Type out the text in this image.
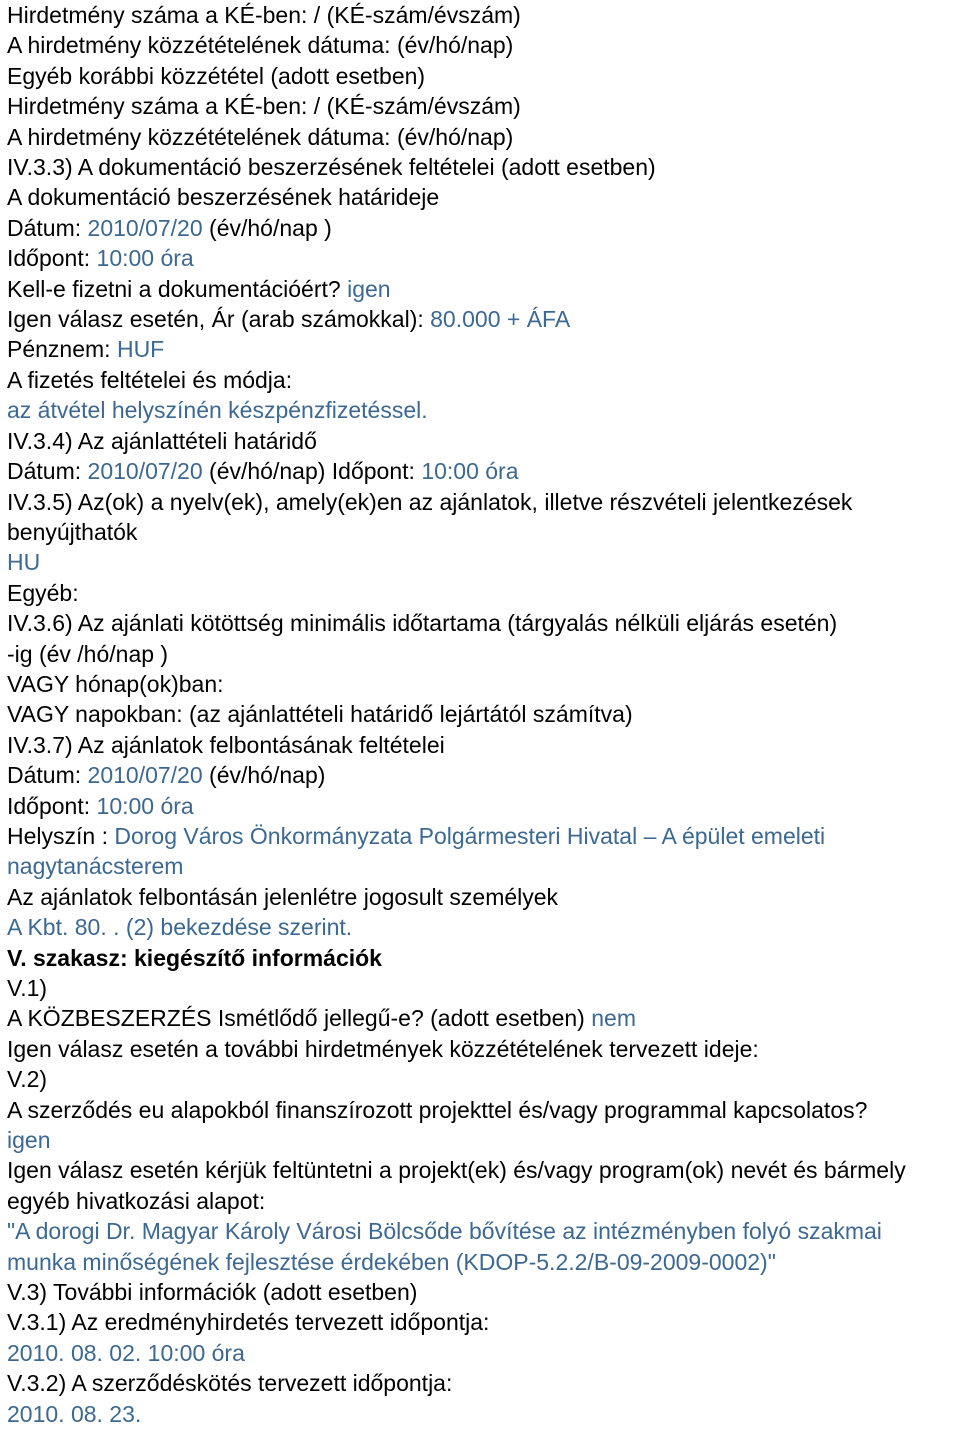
Hirdetmény száma a KÉ-ben: / (KÉ-szám/évszám)

A hirdetmény közzétételének dátuma: (év/hó/nap)

Egyéb korábbi közzététel (adott esetben)

Hirdetmény száma a KÉ-ben: / (KÉ-szám/évszám)

A hirdetmény közzétételének dátuma: (év/hó/nap)

IV.3.3) A dokumentáció beszerzésének feltételei (adott esetben)

A dokumentáció beszerzésének határideje

Dátum: 2010/07/20 (év/hó/nap )

Időpont: 10:00 óra

Kell-e fizetni a dokumentációért? igen

Igen válasz esetén, Ár (arab számokkal): 80.000 + ÁFA

Pénznem: HUF

A fizetés feltételei és módja:

az átvétel helyszínén készpénzfizetéssel.

IV.3.4) Az ajánlattételi határidő

Dátum: 2010/07/20 (év/hó/nap) Időpont: 10:00 óra

IV.3.5) Az(ok) a nyelv(ek), amely(ek)en az ajánlatok, illetve részvételi jelentkezések benyújthatók

HU

Egyéb:

IV.3.6) Az ajánlati kötöttség minimális időtartama (tárgyalás nélküli eljárás esetén)

-ig (év /hó/nap )

VAGY hónap(ok)ban:

VAGY napokban: (az ajánlattételi határidő lejártától számítva)

IV.3.7) Az ajánlatok felbontásának feltételei

Dátum: 2010/07/20 (év/hó/nap)

Időpont: 10:00 óra

Helyszín : Dorog Város Önkormányzata Polgármesteri Hivatal – A épület emeleti nagytanácsterem

Az ajánlatok felbontásán jelenlétre jogosult személyek

A Kbt. 80. . (2) bekezdése szerint.

V. szakasz: kiegészítő információk

V.1)

A KÖZBESZERZÉS Ismétlődő jellegű-e? (adott esetben) nem

Igen válasz esetén a további hirdetmények közzétételének tervezett ideje:

V.2)

A szerződés eu alapokból finanszírozott projekttel és/vagy programmal kapcsolatos?

igen

Igen válasz esetén kérjük feltüntetni a projekt(ek) és/vagy program(ok) nevét és bármely egyéb hivatkozási alapot:

"A dorogi Dr. Magyar Károly Városi Bölcsőde bővítése az intézményben folyó szakmai munka minőségének fejlesztése érdekében (KDOP-5.2.2/B-09-2009-0002)"

V.3) További információk (adott esetben)

V.3.1) Az eredményhirdetés tervezett időpontja:

2010. 08. 02. 10:00 óra

V.3.2) A szerződéskötés tervezett időpontja:

2010. 08. 23.
